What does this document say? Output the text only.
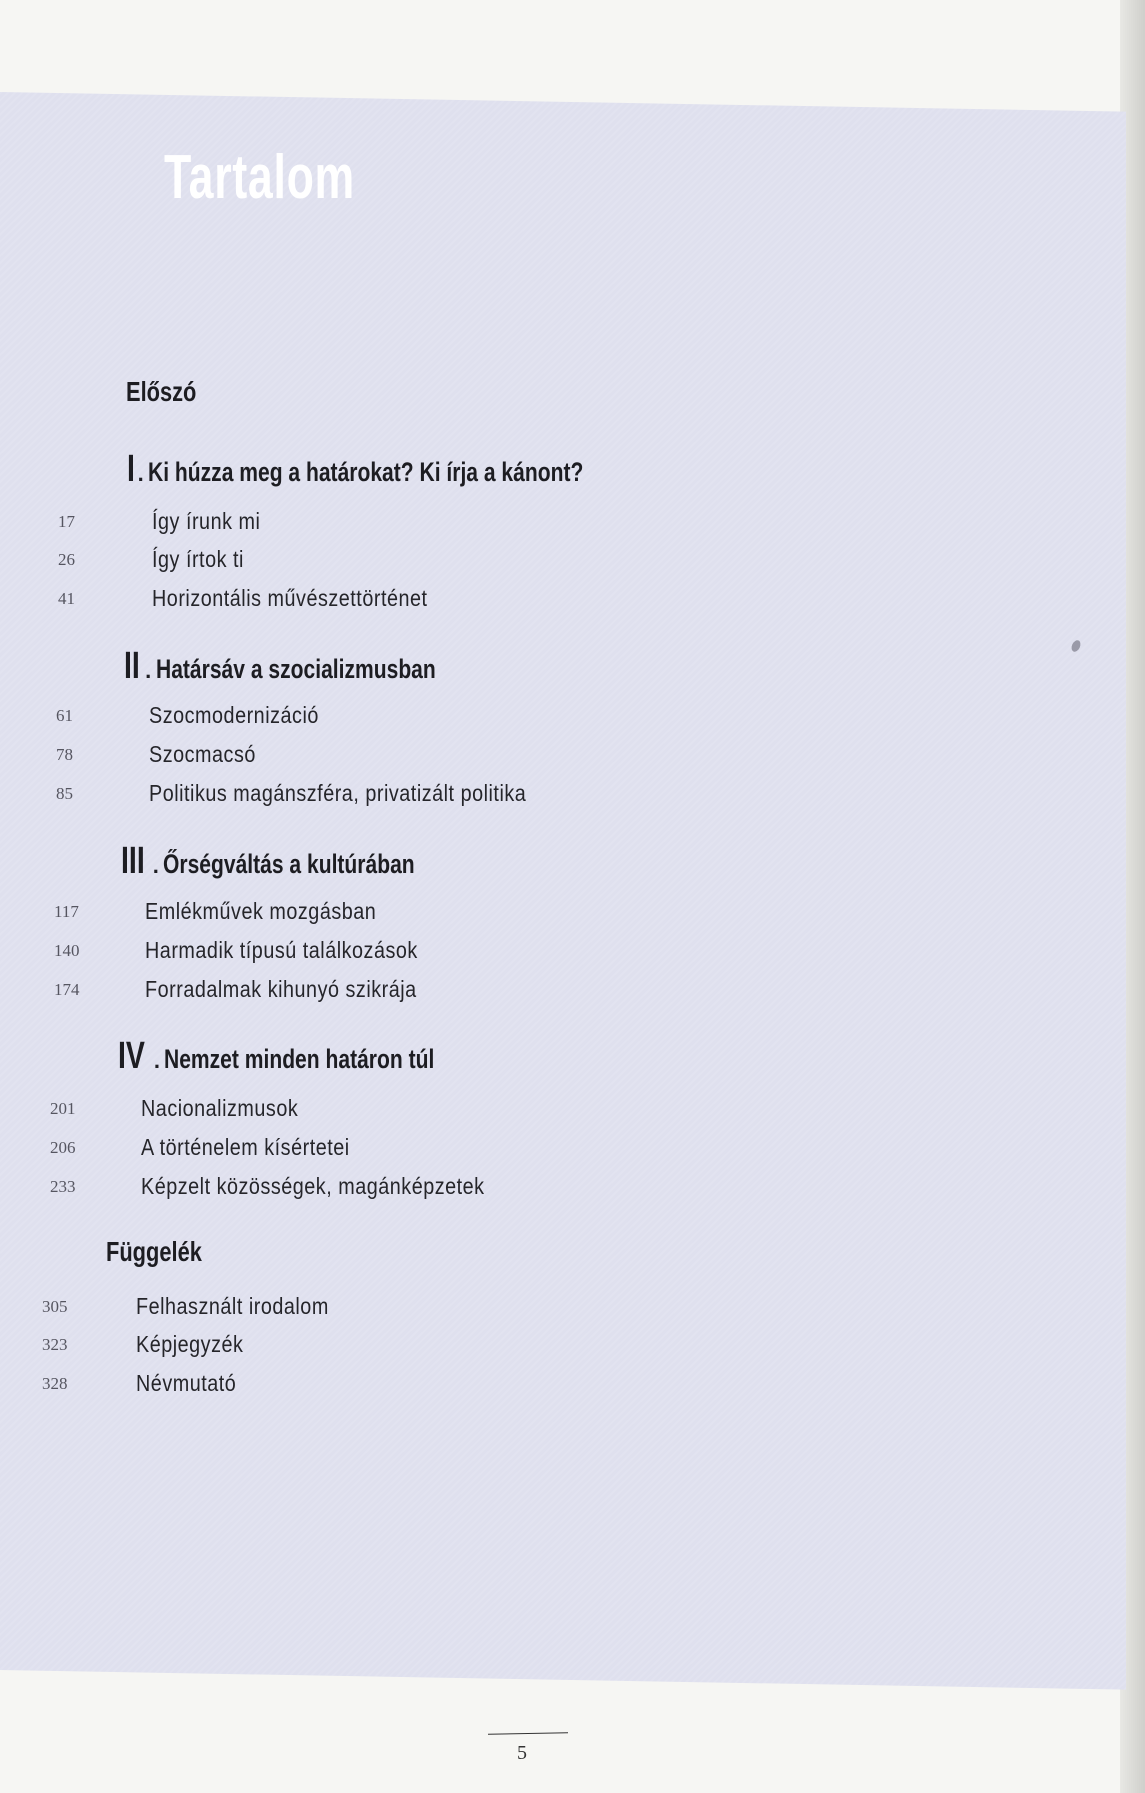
Tartalom
Előszó
I . Ki húzza meg a határokat? Ki írja a kánont?
17	Így írunk mi
26	Így írtok ti
41	Horizontális művészettörténet
II . Határsáv a szocializmusban
61	Szocmodernizáció
78	Szocmacsó
85	Politikus magánszféra, privatizált politika
III . Őrségváltás a kultúrában
117	Emlékművek mozgásban
140	Harmadik típusú találkozások
174	Forradalmak kihunyó szikrája
IV . Nemzet minden határon túl
201	Nacionalizmusok
206	A történelem kísértetei
233	Képzelt közösségek, magánképzetek
Függelék
305	Felhasznált irodalom
323	Képjegyzék
328	Névmutató
5
